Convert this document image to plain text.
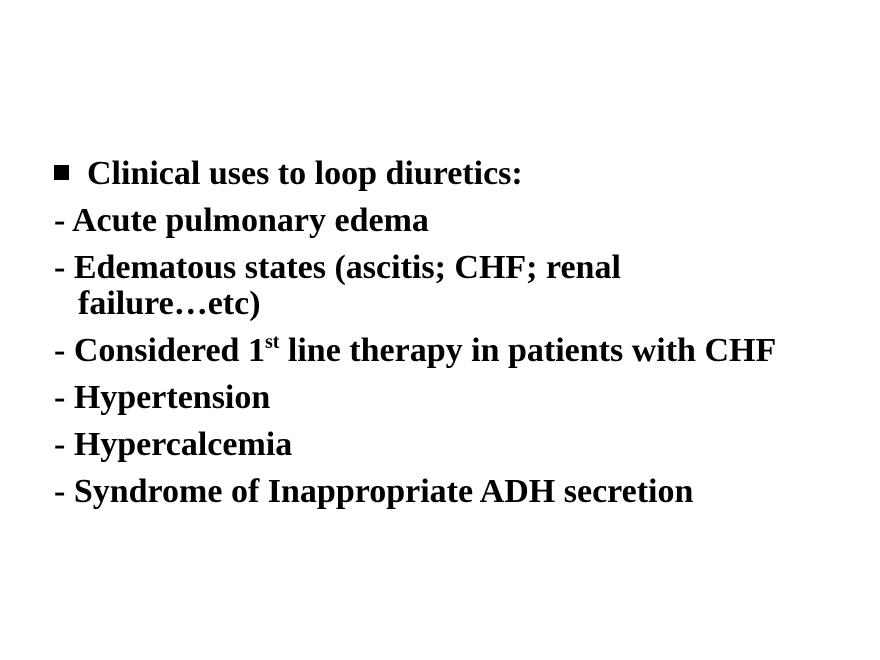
Clinical uses to loop diuretics:
- Acute pulmonary edema
- Edematous states (ascitis; CHF; renal failure…etc)
- Considered 1st line therapy in patients with CHF
- Hypertension
- Hypercalcemia
- Syndrome of Inappropriate ADH secretion
